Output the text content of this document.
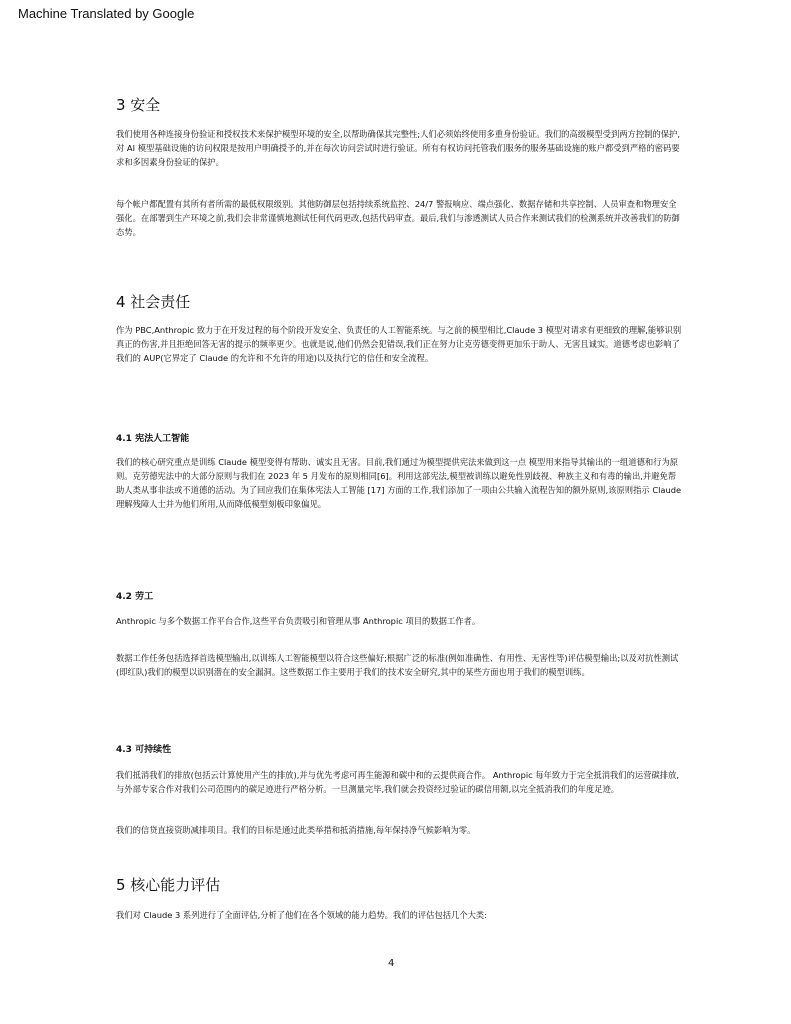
Machine Translated by Google
3 安全

我们使用各种连接身份验证和授权技术来保护模型环境的安全,以帮助确保其完整性;人们必须始终使用多重身份验证。我们的高级模型受到两方控制的保护,对 AI 模型基础设施的访问权限是按用户明确授予的,并在每次访问尝试时进行验证。所有有权访问托管我们服务的服务基础设施的账户都受到严格的密码要求和多因素身份验证的保护。

每个帐户都配置有其所有者所需的最低权限级别。其他防御层包括持续系统监控、24/7 警报响应、端点强化、数据存储和共享控制、人员审查和物理安全强化。在部署到生产环境之前,我们会非常谨慎地测试任何代码更改,包括代码审查。最后,我们与渗透测试人员合作来测试我们的检测系统并改善我们的防御态势。

4 社会责任

作为 PBC,Anthropic 致力于在开发过程的每个阶段开发安全、负责任的人工智能系统。与之前的模型相比,Claude 3 模型对请求有更细致的理解,能够识别真正的伤害,并且拒绝回答无害的提示的频率更少。也就是说,他们仍然会犯错误,我们正在努力让克劳德变得更加乐于助人、无害且诚实。道德考虑也影响了我们的 AUP(它界定了 Claude 的允许和不允许的用途)以及执行它的信任和安全流程。

4.1 宪法人工智能

我们的核心研究重点是训练 Claude 模型变得有帮助、诚实且无害。目前,我们通过为模型提供宪法来做到这一点 模型用来指导其输出的一组道德和行为原则。克劳德宪法中的大部分原则与我们在 2023 年 5 月发布的原则相同[6]。利用这部宪法,模型被训练以避免性别歧视、种族主义和有毒的输出,并避免帮助人类从事非法或不道德的活动。为了回应我们在集体宪法人工智能 [17] 方面的工作,我们添加了一项由公共输入流程告知的额外原则,该原则指示 Claude 理解残障人士并为他们所用,从而降低模型刻板印象偏见。

4.2 劳工

Anthropic 与多个数据工作平台合作,这些平台负责吸引和管理从事 Anthropic 项目的数据工作者。

数据工作任务包括选择首选模型输出,以训练人工智能模型以符合这些偏好;根据广泛的标准(例如准确性、有用性、无害性等)评估模型输出;以及对抗性测试(即红队)我们的模型以识别潜在的安全漏洞。这些数据工作主要用于我们的技术安全研究,其中的某些方面也用于我们的模型训练。

4.3 可持续性

我们抵消我们的排放(包括云计算使用产生的排放),并与优先考虑可再生能源和碳中和的云提供商合作。 Anthropic 每年致力于完全抵消我们的运营碳排放,与外部专家合作对我们公司范围内的碳足迹进行严格分析。一旦测量完毕,我们就会投资经过验证的碳信用额,以完全抵消我们的年度足迹。

我们的信贷直接资助减排项目。我们的目标是通过此类举措和抵消措施,每年保持净气候影响为零。

5 核心能力评估

我们对 Claude 3 系列进行了全面评估,分析了他们在各个领域的能力趋势。我们的评估包括几个大类:

4
